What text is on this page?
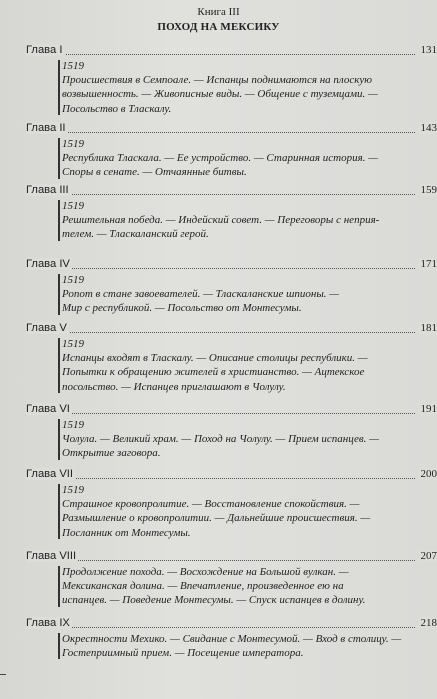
Книга III
ПОХОД НА МЕКСИКУ
Глава I	131
1519
Происшествия в Семпоале. — Испанцы поднимаются на плоскую
возвышенность. — Живописные виды. — Общение с туземцами. —
Посольство в Тласкалу.
Глава II	143
1519
Республика Тласкала. — Ее устройство. — Старинная история. —
Споры в сенате. — Отчаянные битвы.
Глава III	159
1519
Решительная победа. — Индейский совет. — Переговоры с неприя-
телем. — Тласкаланский герой.
Глава IV	171
1519
Ропот в стане завоевателей. — Тласкаланские шпионы. —
Мир с республикой. — Посольство от Монтесумы.
Глава V	181
1519
Испанцы входят в Тласкалу. — Описание столицы республики. —
Попытки к обращению жителей в христианство. — Ацтекское
посольство. — Испанцев приглашают в Чолулу.
Глава VI	191
1519
Чолула. — Великий храм. — Поход на Чолулу. — Прием испанцев. —
Открытие заговора.
Глава VII	200
1519
Страшное кровопролитие. — Восстановление спокойствия. —
Размышление о кровопролитии. — Дальнейшие происшествия. —
Посланник от Монтесумы.
Глава VIII	207
Продолжение похода. — Восхождение на Большой вулкан. —
Мексиканская долина. — Впечатление, произведенное ею на
испанцев. — Поведение Монтесумы. — Спуск испанцев в долину.
Глава IX	218
Окрестности Мехико. — Свидание с Монтесумой. — Вход в столицу. —
Гостеприимный прием. — Посещение императора.
